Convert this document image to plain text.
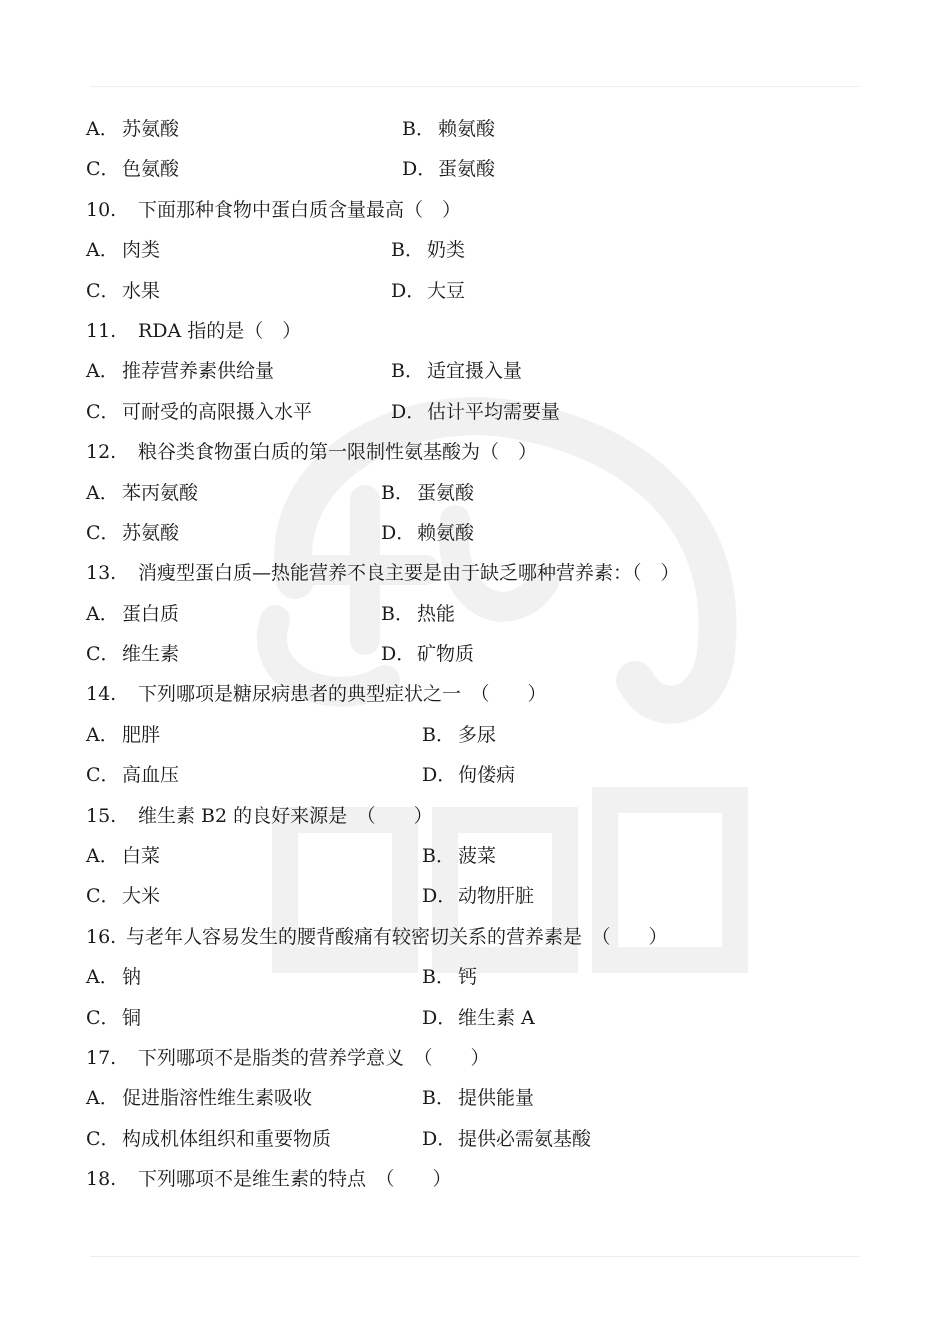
A． 苏氨酸	B． 赖氨酸
C． 色氨酸	D．蛋氨酸
10.	下面那种食物中蛋白质含量最高（　）
A． 肉类	B． 奶类
C． 水果	D．大豆
11.	RDA 指的是（　）
A． 推荐营养素供给量	B． 适宜摄入量
C． 可耐受的高限摄入水平	D．估计平均需要量
12.	粮谷类食物蛋白质的第一限制性氨基酸为（　）
A． 苯丙氨酸	B． 蛋氨酸
C． 苏氨酸	D．赖氨酸
13.	消瘦型蛋白质—热能营养不良主要是由于缺乏哪种营养素：（　）
A． 蛋白质	B． 热能
C． 维生素	D．矿物质
14.	下列哪项是糖尿病患者的典型症状之一　（　　）
A． 肥胖	B． 多尿
C． 高血压	D．佝偻病
15.	维生素 B2 的良好来源是　（　　）
A． 白菜	B． 菠菜
C． 大米	D．动物肝脏
16. 与老年人容易发生的腰背酸痛有较密切关系的营养素是　（　　）
A． 钠	B． 钙
C． 铜	D．维生素 A
17.	下列哪项不是脂类的营养学意义　（　　）
A． 促进脂溶性维生素吸收	B． 提供能量
C． 构成机体组织和重要物质	D．提供必需氨基酸
18.	下列哪项不是维生素的特点　（　　）
